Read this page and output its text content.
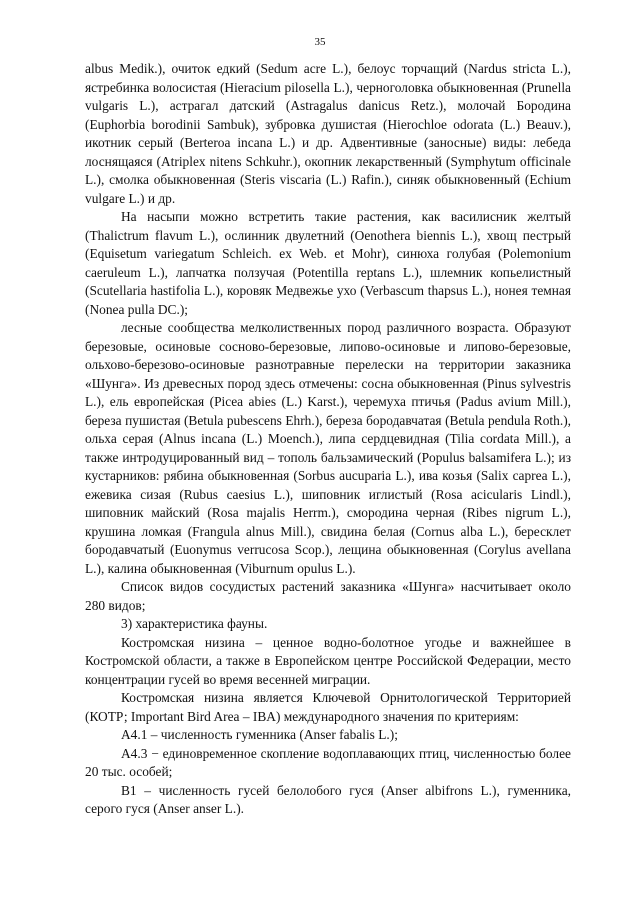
35

albus Medik.), очиток едкий (Sedum acre L.), белоус торчащий (Nardus stricta L.), ястребинка волосистая (Hieracium pilosella L.), черноголовка обыкновенная (Prunella vulgaris L.), астрагал датский (Astragalus danicus Retz.), молочай Бородина (Euphorbia borodinii Sambuk), зубровка душистая (Hierochloe odorata (L.) Beauv.), икотник серый (Berteroa incana L.) и др. Адвентивные (заносные) виды: лебеда лоснящаяся (Atriplex nitens Schkuhr.), окопник лекарственный (Symphytum officinale L.), смолка обыкновенная (Steris viscaria (L.) Rafin.), синяк обыкновенный (Echium vulgare L.) и др.

На насыпи можно встретить такие растения, как василисник желтый (Thalictrum flavum L.), ослинник двулетний (Oenothera biennis L.), хвощ пестрый (Equisetum variegatum Schleich. ex Web. et Mohr), синюха голубая (Polemonium caeruleum L.), лапчатка ползучая (Potentilla reptans L.), шлемник копьелистный (Scutellaria hastifolia L.), коровяк Медвежье ухо (Verbascum thapsus L.), нонея темная (Nonea pulla DC.);

лесные сообщества мелколиственных пород различного возраста. Образуют березовые, осиновые сосново-березовые, липово-осиновые и липово-березовые, ольхово-березово-осиновые разнотравные перелески на территории заказника «Шунга». Из древесных пород здесь отмечены: сосна обыкновенная (Pinus sylvestris L.), ель европейская (Picea abies (L.) Karst.), черемуха птичья (Padus avium Mill.), береза пушистая (Betula pubescens Ehrh.), береза бородавчатая (Betula pendula Roth.), ольха серая (Alnus incana (L.) Moench.), липа сердцевидная (Tilia cordata Mill.), а также интродуцированный вид – тополь бальзамический (Populus balsamifera L.); из кустарников: рябина обыкновенная (Sorbus aucuparia L.), ива козья (Salix caprea L.), ежевика сизая (Rubus caesius L.), шиповник иглистый (Rosa acicularis Lindl.), шиповник майский (Rosa majalis Herrm.), смородина черная (Ribes nigrum L.), крушина ломкая (Frangula alnus Mill.), свидина белая (Cornus alba L.), бересклет бородавчатый (Euonymus verrucosa Scop.), лещина обыкновенная (Corylus avellana L.), калина обыкновенная (Viburnum opulus L.).

Список видов сосудистых растений заказника «Шунга» насчитывает около 280 видов;

3) характеристика фауны.

Костромская низина – ценное водно-болотное угодье и важнейшее в Костромской области, а также в Европейском центре Российской Федерации, место концентрации гусей во время весенней миграции.

Костромская низина является Ключевой Орнитологической Территорией (КОТР; Important Bird Area – IBA) международного значения по критериям:

А4.1 – численность гуменника (Anser fabalis L.);

А4.3 − единовременное скопление водоплавающих птиц, численностью более 20 тыс. особей;

В1 – численность гусей белолобого гуся (Anser albifrons L.), гуменника, серого гуся (Anser anser L.).
